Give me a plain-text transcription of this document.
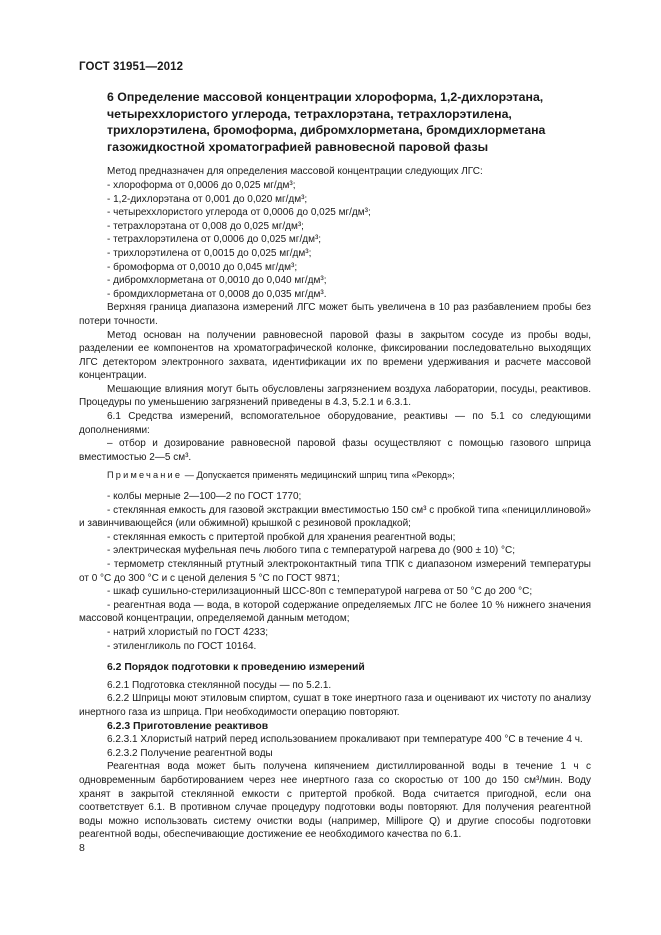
ГОСТ 31951—2012
6 Определение массовой концентрации хлороформа, 1,2-дихлорэтана, четыреххлористого углерода, тетрахлорэтана, тетрахлорэтилена, трихлорэтилена, бромоформа, дибромхлорметана, бромдихлорметана газожидкостной хроматографией равновесной паровой фазы

Метод предназначен для определения массовой концентрации следующих ЛГС:

- хлороформа от 0,0006 до 0,025 мг/дм³;

- 1,2-дихлорэтана от 0,001 до 0,020 мг/дм³;

- четыреххлористого углерода от 0,0006 до 0,025 мг/дм³;

- тетрахлорэтана от 0,008 до 0,025 мг/дм³;

- тетрахлорэтилена от 0,0006 до 0,025 мг/дм³;

- трихлорэтилена от 0,0015 до 0,025 мг/дм³;

- бромоформа от 0,0010 до 0,045 мг/дм³;

- дибромхлорметана от 0,0010 до 0,040 мг/дм³;

- бромдихлорметана от 0,0008 до 0,035 мг/дм³.

Верхняя граница диапазона измерений ЛГС может быть увеличена в 10 раз разбавлением пробы без потери точности.

Метод основан на получении равновесной паровой фазы в закрытом сосуде из пробы воды, разделении ее компонентов на хроматографической колонке, фиксировании последовательно выходящих ЛГС детектором электронного захвата, идентификации их по времени удерживания и расчете массовой концентрации.

Мешающие влияния могут быть обусловлены загрязнением воздуха лаборатории, посуды, реактивов. Процедуры по уменьшению загрязнений приведены в 4.3, 5.2.1 и 6.3.1.

6.1 Средства измерений, вспомогательное оборудование, реактивы — по 5.1 со следующими дополнениями:

– отбор и дозирование равновесной паровой фазы осуществляют с помощью газового шприца вместимостью 2—5 см³.

Примечание — Допускается применять медицинский шприц типа «Рекорд»;

- колбы мерные 2—100—2 по ГОСТ 1770;

- стеклянная емкость для газовой экстракции вместимостью 150 см³ с пробкой типа «пенициллиновой» и завинчивающейся (или обжимной) крышкой с резиновой прокладкой;

- стеклянная емкость с притертой пробкой для хранения реагентной воды;

- электрическая муфельная печь любого типа с температурой нагрева до (900 ± 10) °С;

- термометр стеклянный ртутный электроконтактный типа ТПК с диапазоном измерений температуры от 0 °С до 300 °С и с ценой деления 5 °С по ГОСТ 9871;

- шкаф сушильно-стерилизационный ШСС-80п с температурой нагрева от 50 °С до 200 °С;

- реагентная вода — вода, в которой содержание определяемых ЛГС не более 10 % нижнего значения массовой концентрации, определяемой данным методом;

- натрий хлористый по ГОСТ 4233;

- этиленгликоль по ГОСТ 10164.

6.2 Порядок подготовки к проведению измерений

6.2.1 Подготовка стеклянной посуды — по 5.2.1.

6.2.2 Шприцы моют этиловым спиртом, сушат в токе инертного газа и оценивают их чистоту по анализу инертного газа из шприца. При необходимости операцию повторяют.

6.2.3 Приготовление реактивов

6.2.3.1 Хлористый натрий перед использованием прокаливают при температуре 400 °С в течение 4 ч.

6.2.3.2 Получение реагентной воды

Реагентная вода может быть получена кипячением дистиллированной воды в течение 1 ч с одновременным барботированием через нее инертного газа со скоростью от 100 до 150 см³/мин. Воду хранят в закрытой стеклянной емкости с притертой пробкой. Вода считается пригодной, если она соответствует 6.1. В противном случае процедуру подготовки воды повторяют. Для получения реагентной воды можно использовать систему очистки воды (например, Millipore Q) и другие способы подготовки реагентной воды, обеспечивающие достижение ее необходимого качества по 6.1.

8
